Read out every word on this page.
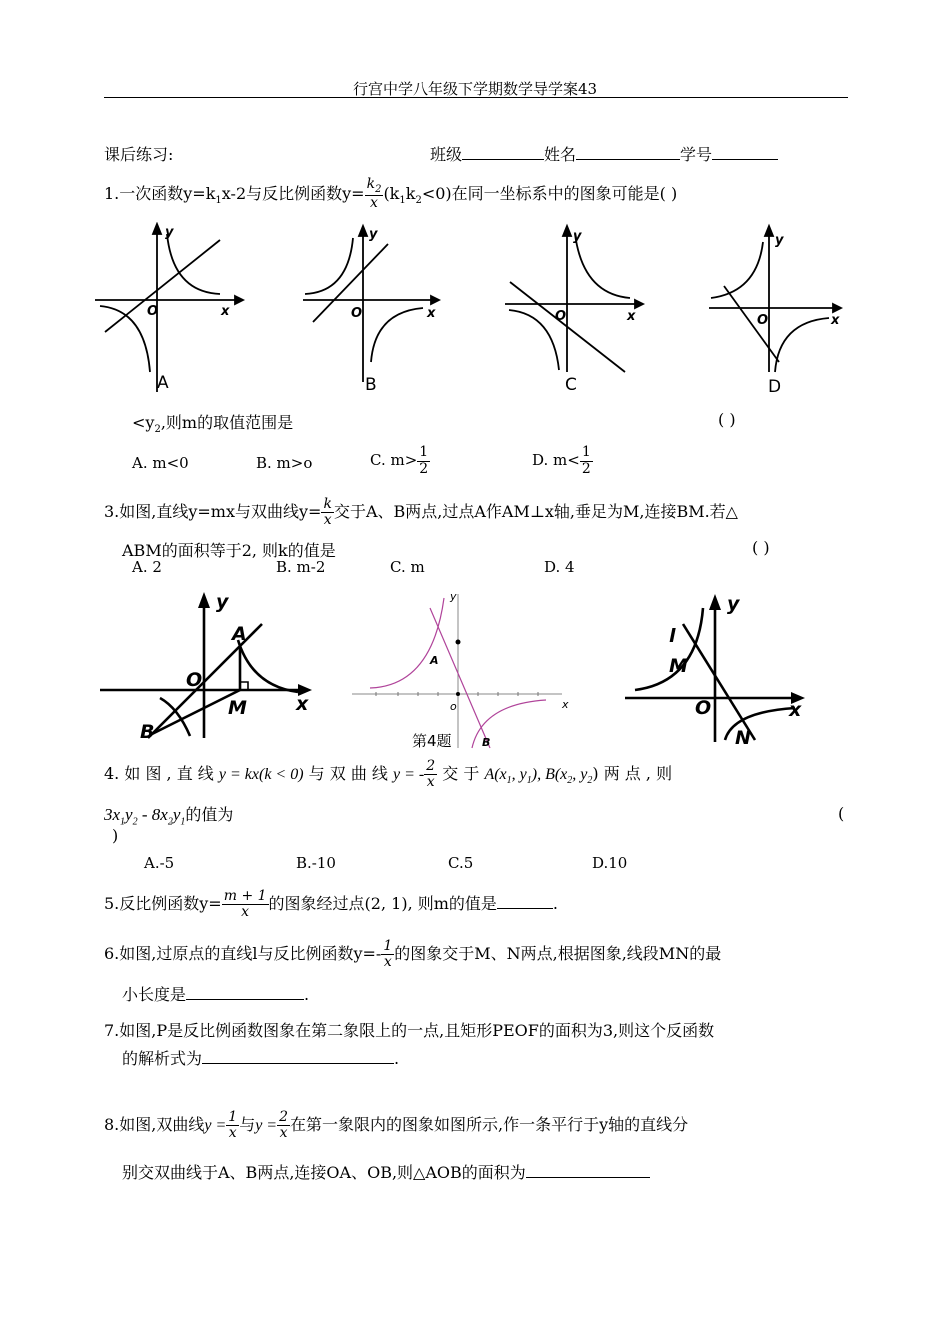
行宫中学八年级下学期数学导学案43
课后练习:	班级	姓名	学号
1.一次函数$y=k_1x-2$与反比例函数$y= \frac{k_2}{x} (k_1k_2<0)$在同一坐标系中的图象可能是( )
y
O	x
y
O	x
y
O	x
y
O	x
A	B	C	D
$<y_2$,则m的取值范围是	( )
A. m<0	B. m>o	C. $m> \frac{1}{2}$	D. $m< \frac{1}{2}$
3.如图,直线y=mx与双曲线$y= \frac{k}{x}$ 交于A、B两点,过点A作AM⊥x轴,垂足为M,连接BM.若△
ABM的面积等于2, 则k的值是	( )
A. 2	B. m-2	C. m	D. 4
y
A
O
M	x
B
y
A
o	x
B
第4题
y
l
M
O	x
N
4. 如 图 , 直 线 y = kx(k < 0) 与 双 曲 线 y = - $\frac{2}{x}$ 交 于 $A(x_1$, $y_1$), $B(x_2$, $y_2$) 两 点 , 则
$3x_1y_2 - 8x_2y_1$的值为	(
)
A.-5	B.-10	C.5	D.10
5.反比例函数$y= \frac{m + 1}{x}$ 的图象经过点(2, 1), 则m的值是	.
6.如图,过原点的直线l与反比例函数$y=- \frac{1}{x}$ 的图象交于M、N两点,根据图象,线段MN的最
小长度是	.
7.如图,P是反比例函数图象在第二象限上的一点,且矩形PEOF的面积为3,则这个反函数
的解析式为	.
8.如图,双曲线$y = \frac{1}{x}$ 与$y = \frac{2}{x}$ 在第一象限内的图象如图所示,作一条平行于y轴的直线分
别交双曲线于A、B两点,连接OA、OB,则△AOB的面积为
